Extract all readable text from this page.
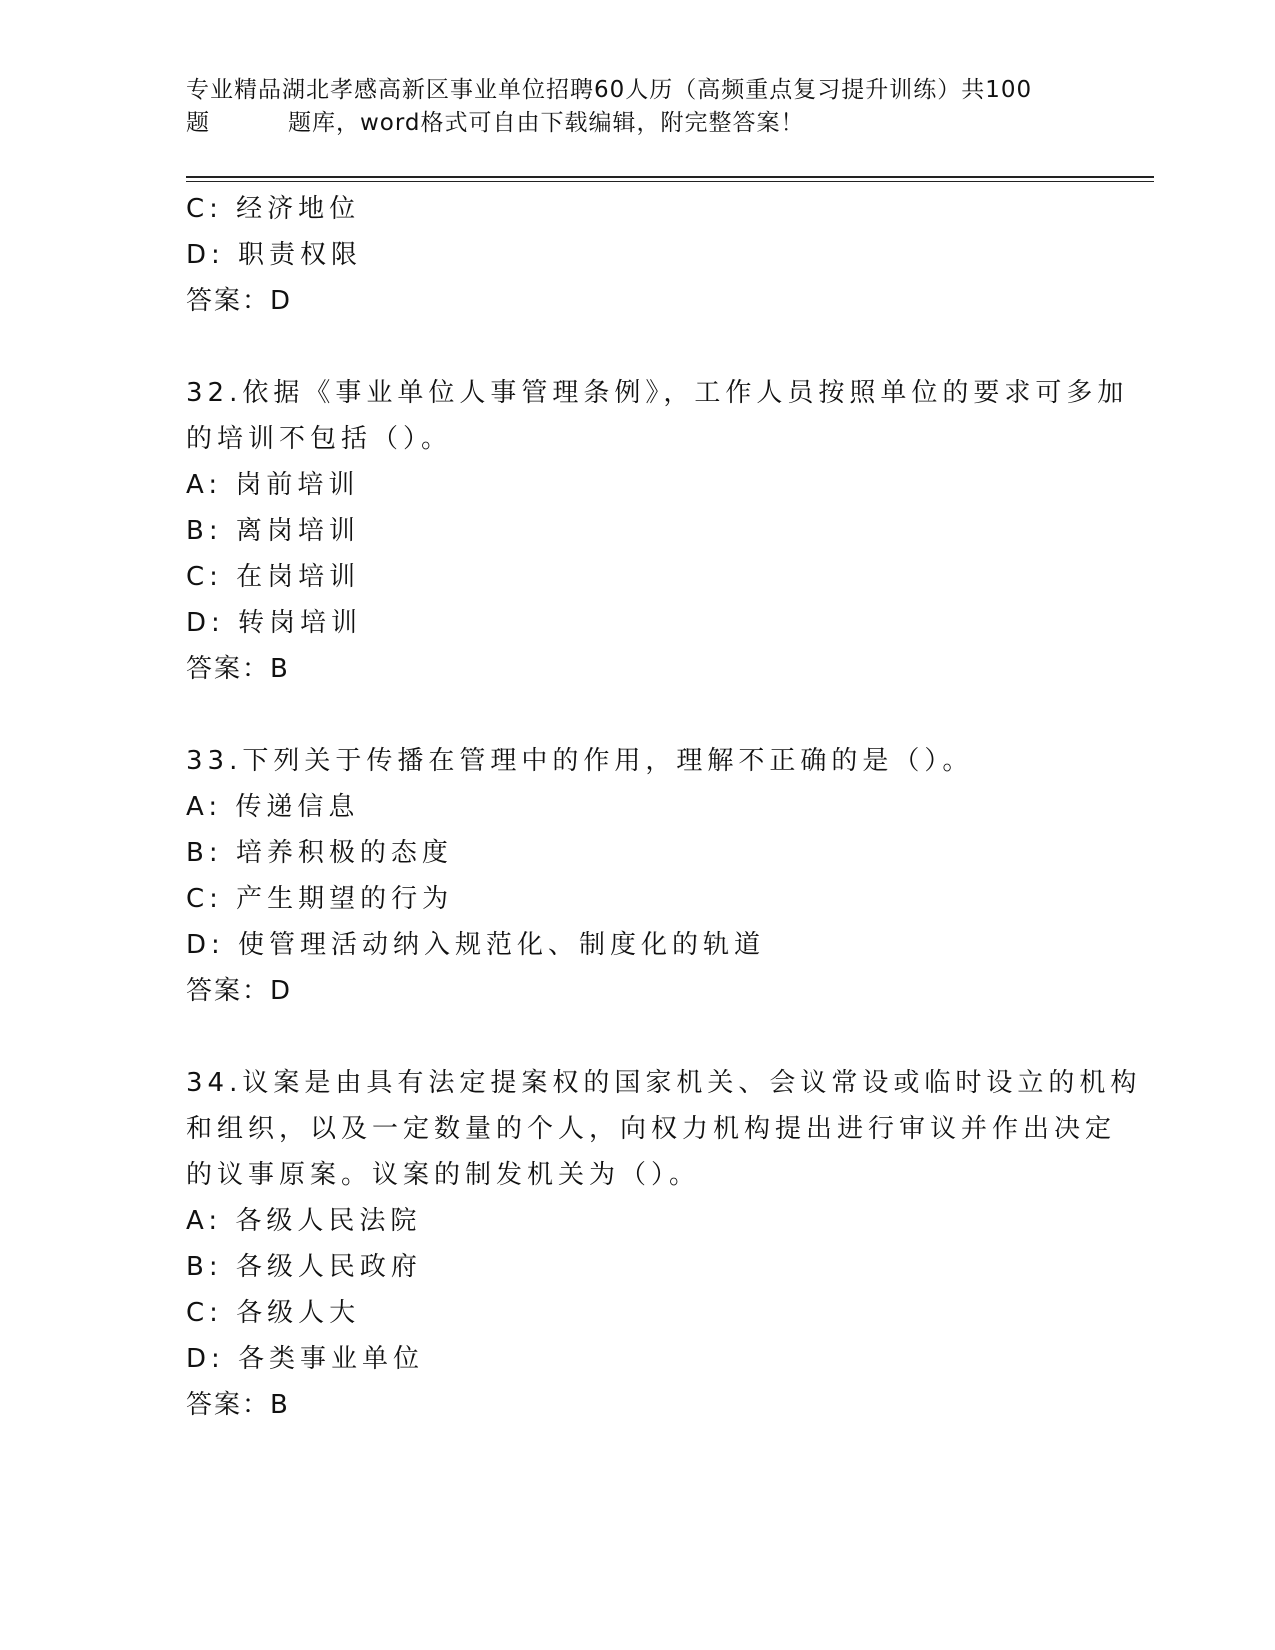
专业精品湖北孝感高新区事业单位招聘60人历（高频重点复习提升训练）共100
题	题库，word格式可自由下载编辑，附完整答案！
C: 经济地位
D: 职责权限
答案：D
32.依据《事业单位人事管理条例》，工作人员按照单位的要求可多加
的培训不包括（）。
A: 岗前培训
B: 离岗培训
C: 在岗培训
D: 转岗培训
答案：B
33.下列关于传播在管理中的作用，理解不正确的是（）。
A: 传递信息
B: 培养积极的态度
C: 产生期望的行为
D: 使管理活动纳入规范化、制度化的轨道
答案：D
34.议案是由具有法定提案权的国家机关、会议常设或临时设立的机构
和组织，以及一定数量的个人，向权力机构提出进行审议并作出决定
的议事原案。议案的制发机关为（）。
A: 各级人民法院
B: 各级人民政府
C: 各级人大
D: 各类事业单位
答案：B
